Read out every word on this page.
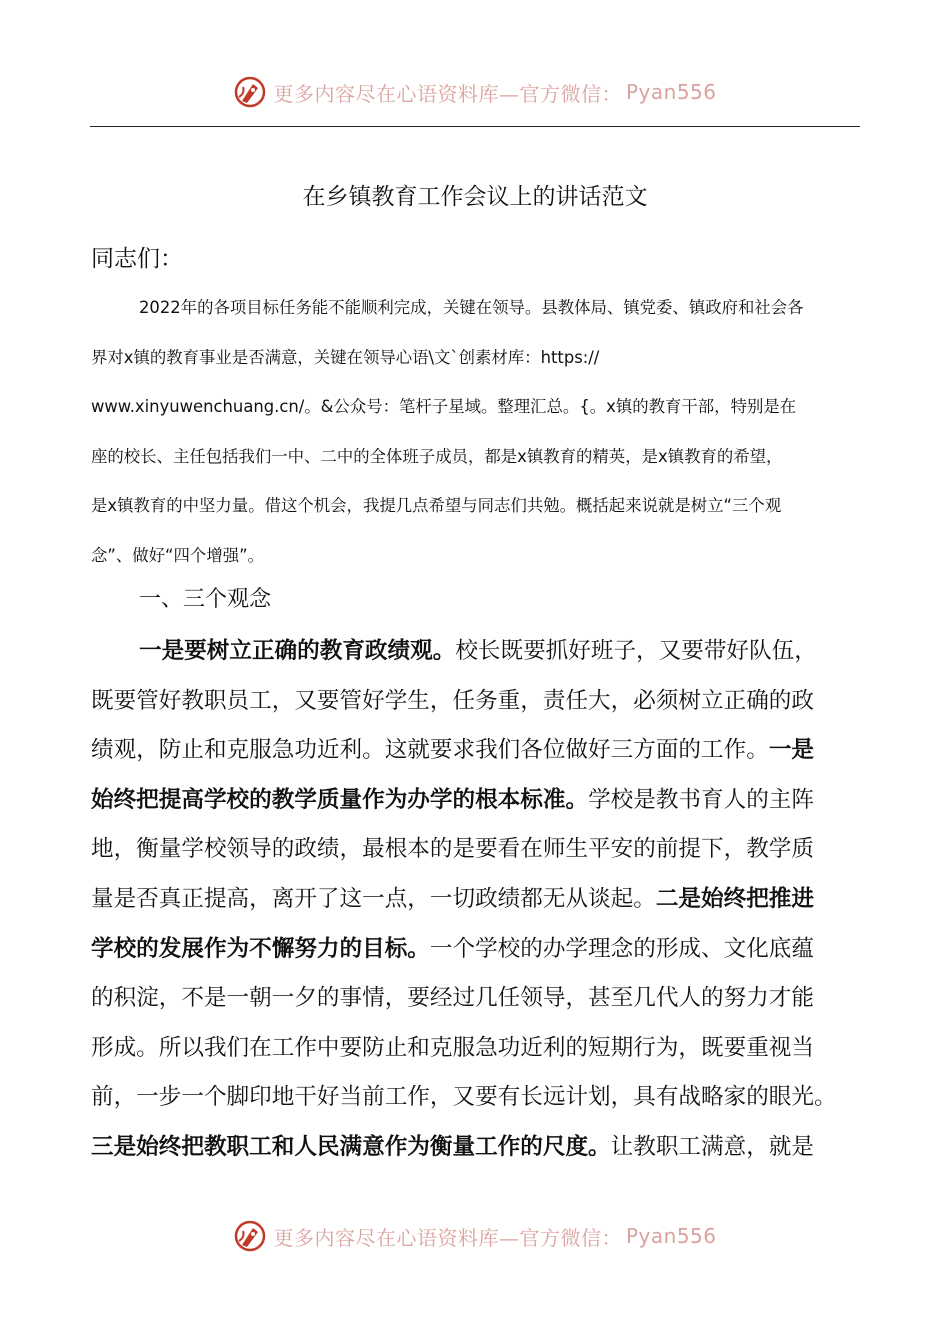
更多内容尽在心语资料库—官方微信： Pyan556
在乡镇教育工作会议上的讲话范文
同志们：
2022年的各项目标任务能不能顺利完成，关键在领导。县教体局、镇党委、镇政府和社会各
界对x镇的教育事业是否满意，关键在领导心语\文`创素材库：https://
www.xinyuwenchuang.cn/。&公众号：笔杆子星域。整理汇总。{。x镇的教育干部，特别是在
座的校长、主任包括我们一中、二中的全体班子成员，都是x镇教育的精英，是x镇教育的希望，
是x镇教育的中坚力量。借这个机会，我提几点希望与同志们共勉。概括起来说就是树立“三个观
念”、做好“四个增强”。
一、三个观念
一是要树立正确的教育政绩观。校长既要抓好班子，又要带好队伍，
既要管好教职员工，又要管好学生，任务重，责任大，必须树立正确的政
绩观，防止和克服急功近利。这就要求我们各位做好三方面的工作。一是
始终把提高学校的教学质量作为办学的根本标准。学校是教书育人的主阵
地，衡量学校领导的政绩，最根本的是要看在师生平安的前提下，教学质
量是否真正提高，离开了这一点，一切政绩都无从谈起。二是始终把推进
学校的发展作为不懈努力的目标。一个学校的办学理念的形成、文化底蕴
的积淀，不是一朝一夕的事情，要经过几任领导，甚至几代人的努力才能
形成。所以我们在工作中要防止和克服急功近利的短期行为，既要重视当
前，一步一个脚印地干好当前工作，又要有长远计划，具有战略家的眼光。
三是始终把教职工和人民满意作为衡量工作的尺度。让教职工满意，就是
更多内容尽在心语资料库—官方微信： Pyan556
